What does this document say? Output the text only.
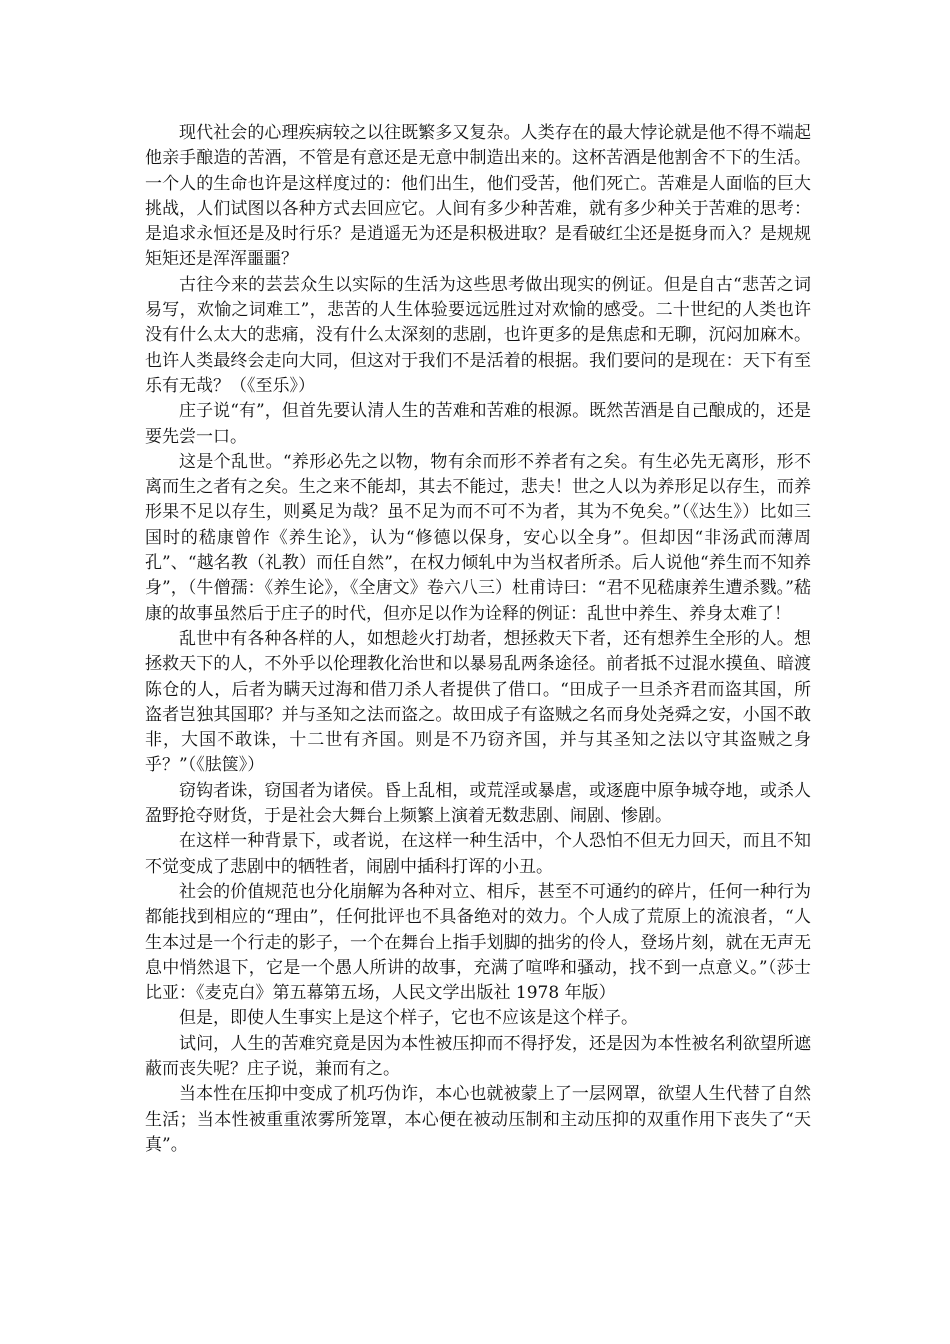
现代社会的心理疾病较之以往既繁多又复杂。人类存在的最大悖论就是他不得不端起他亲手酿造的苦酒，不管是有意还是无意中制造出来的。这杯苦酒是他割舍不下的生活。一个人的生命也许是这样度过的：他们出生，他们受苦，他们死亡。苦难是人面临的巨大挑战，人们试图以各种方式去回应它。人间有多少种苦难，就有多少种关于苦难的思考：是追求永恒还是及时行乐？是逍遥无为还是积极进取？是看破红尘还是挺身而入？是规规矩矩还是浑浑噩噩？

古往今来的芸芸众生以实际的生活为这些思考做出现实的例证。但是自古“悲苦之词易写，欢愉之词难工”，悲苦的人生体验要远远胜过对欢愉的感受。二十世纪的人类也许没有什么太大的悲痛，没有什么太深刻的悲剧，也许更多的是焦虑和无聊，沉闷加麻木。也许人类最终会走向大同，但这对于我们不是活着的根据。我们要问的是现在：天下有至乐有无哉？（《至乐》）

庄子说“有”，但首先要认清人生的苦难和苦难的根源。既然苦酒是自己酿成的，还是要先尝一口。

这是个乱世。“养形必先之以物，物有余而形不养者有之矣。有生必先无离形，形不离而生之者有之矣。生之来不能却，其去不能过，悲夫！世之人以为养形足以存生，而养形果不足以存生，则奚足为哉？虽不足为而不可不为者，其为不免矣。”（《达生》）比如三国时的嵇康曾作《养生论》，认为“修德以保身，安心以全身”。但却因“非汤武而薄周孔”、“越名教（礼教）而任自然”，在权力倾轧中为当权者所杀。后人说他“养生而不知养身”，（牛僧孺：《养生论》，《全唐文》卷六八三）杜甫诗曰：“君不见嵇康养生遭杀戮。”嵇康的故事虽然后于庄子的时代，但亦足以作为诠释的例证：乱世中养生、养身太难了！

乱世中有各种各样的人，如想趁火打劫者，想拯救天下者，还有想养生全形的人。想拯救天下的人，不外乎以伦理教化治世和以暴易乱两条途径。前者抵不过混水摸鱼、暗渡陈仓的人，后者为瞒天过海和借刀杀人者提供了借口。“田成子一旦杀齐君而盗其国，所盗者岂独其国耶？并与圣知之法而盗之。故田成子有盗贼之名而身处尧舜之安，小国不敢非，大国不敢诛，十二世有齐国。则是不乃窃齐国，并与其圣知之法以守其盗贼之身乎？”（《胠箧》）

窃钩者诛，窃国者为诸侯。昏上乱相，或荒淫或暴虐，或逐鹿中原争城夺地，或杀人盈野抢夺财货，于是社会大舞台上频繁上演着无数悲剧、闹剧、惨剧。

在这样一种背景下，或者说，在这样一种生活中，个人恐怕不但无力回天，而且不知不觉变成了悲剧中的牺牲者，闹剧中插科打诨的小丑。

社会的价值规范也分化崩解为各种对立、相斥，甚至不可通约的碎片，任何一种行为都能找到相应的“理由”，任何批评也不具备绝对的效力。个人成了荒原上的流浪者，“人生本过是一个行走的影子，一个在舞台上指手划脚的拙劣的伶人，登场片刻，就在无声无息中悄然退下，它是一个愚人所讲的故事，充满了喧哗和骚动，找不到一点意义。”（莎士比亚：《麦克白》第五幕第五场，人民文学出版社 1978 年版）

但是，即使人生事实上是这个样子，它也不应该是这个样子。

试问，人生的苦难究竟是因为本性被压抑而不得抒发，还是因为本性被名利欲望所遮蔽而丧失呢？庄子说，兼而有之。

当本性在压抑中变成了机巧伪诈，本心也就被蒙上了一层网罩，欲望人生代替了自然生活；当本性被重重浓雾所笼罩，本心便在被动压制和主动压抑的双重作用下丧失了“天真”。
